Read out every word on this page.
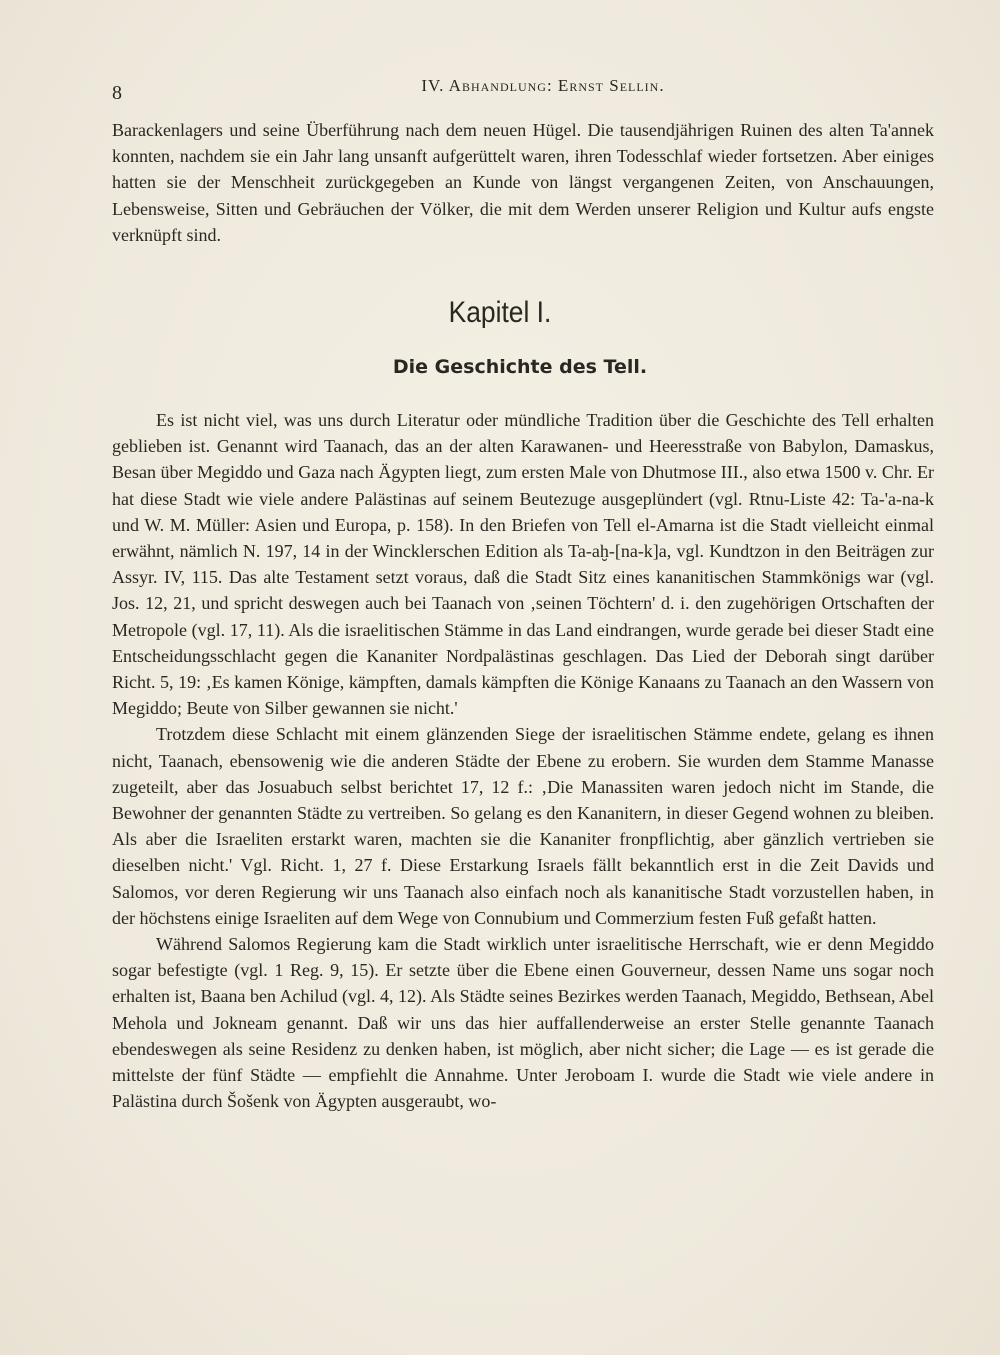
8	IV. Abhandlung: Ernst Sellin.

Barackenlagers und seine Überführung nach dem neuen Hügel. Die tausendjährigen Ruinen des alten Ta'annek konnten, nachdem sie ein Jahr lang unsanft aufgerüttelt waren, ihren Todesschlaf wieder fortsetzen. Aber einiges hatten sie der Menschheit zurückgegeben an Kunde von längst vergangenen Zeiten, von Anschauungen, Lebensweise, Sitten und Gebräuchen der Völker, die mit dem Werden unserer Religion und Kultur aufs engste verknüpft sind.

Kapitel I.
Die Geschichte des Tell.

Es ist nicht viel, was uns durch Literatur oder mündliche Tradition über die Geschichte des Tell erhalten geblieben ist. Genannt wird Taanach, das an der alten Karawanen- und Heeresstraße von Babylon, Damaskus, Besan über Megiddo und Gaza nach Ägypten liegt, zum ersten Male von Dhutmose III., also etwa 1500 v. Chr. Er hat diese Stadt wie viele andere Palästinas auf seinem Beutezuge ausgeplündert (vgl. Rtnu-Liste 42: Ta-'a-na-k und W. M. Müller: Asien und Europa, p. 158). In den Briefen von Tell el-Amarna ist die Stadt vielleicht einmal erwähnt, nämlich N. 197, 14 in der Wincklerschen Edition als Ta-aḫ-[na-k]a, vgl. Kundtzon in den Beiträgen zur Assyr. IV, 115. Das alte Testament setzt voraus, daß die Stadt Sitz eines kananitischen Stammkönigs war (vgl. Jos. 12, 21, und spricht deswegen auch bei Taanach von ‚seinen Töchtern' d. i. den zugehörigen Ortschaften der Metropole (vgl. 17, 11). Als die israelitischen Stämme in das Land eindrangen, wurde gerade bei dieser Stadt eine Entscheidungsschlacht gegen die Kananiter Nordpalästinas geschlagen. Das Lied der Deborah singt darüber Richt. 5, 19: ‚Es kamen Könige, kämpften, damals kämpften die Könige Kanaans zu Taanach an den Wassern von Megiddo; Beute von Silber gewannen sie nicht.'

Trotzdem diese Schlacht mit einem glänzenden Siege der israelitischen Stämme endete, gelang es ihnen nicht, Taanach, ebensowenig wie die anderen Städte der Ebene zu erobern. Sie wurden dem Stamme Manasse zugeteilt, aber das Josuabuch selbst berichtet 17, 12 f.: ‚Die Manassiten waren jedoch nicht im Stande, die Bewohner der genannten Städte zu vertreiben. So gelang es den Kananitern, in dieser Gegend wohnen zu bleiben. Als aber die Israeliten erstarkt waren, machten sie die Kananiter fronpflichtig, aber gänzlich vertrieben sie dieselben nicht.' Vgl. Richt. 1, 27 f. Diese Erstarkung Israels fällt bekanntlich erst in die Zeit Davids und Salomos, vor deren Regierung wir uns Taanach also einfach noch als kananitische Stadt vorzustellen haben, in der höchstens einige Israeliten auf dem Wege von Connubium und Commerzium festen Fuß gefaßt hatten.

Während Salomos Regierung kam die Stadt wirklich unter israelitische Herrschaft, wie er denn Megiddo sogar befestigte (vgl. 1 Reg. 9, 15). Er setzte über die Ebene einen Gouverneur, dessen Name uns sogar noch erhalten ist, Baana ben Achilud (vgl. 4, 12). Als Städte seines Bezirkes werden Taanach, Megiddo, Bethsean, Abel Mehola und Jokneam genannt. Daß wir uns das hier auffallenderweise an erster Stelle genannte Taanach ebendeswegen als seine Residenz zu denken haben, ist möglich, aber nicht sicher; die Lage — es ist gerade die mittelste der fünf Städte — empfiehlt die Annahme. Unter Jeroboam I. wurde die Stadt wie viele andere in Palästina durch Šošenk von Ägypten ausgeraubt, wo-
